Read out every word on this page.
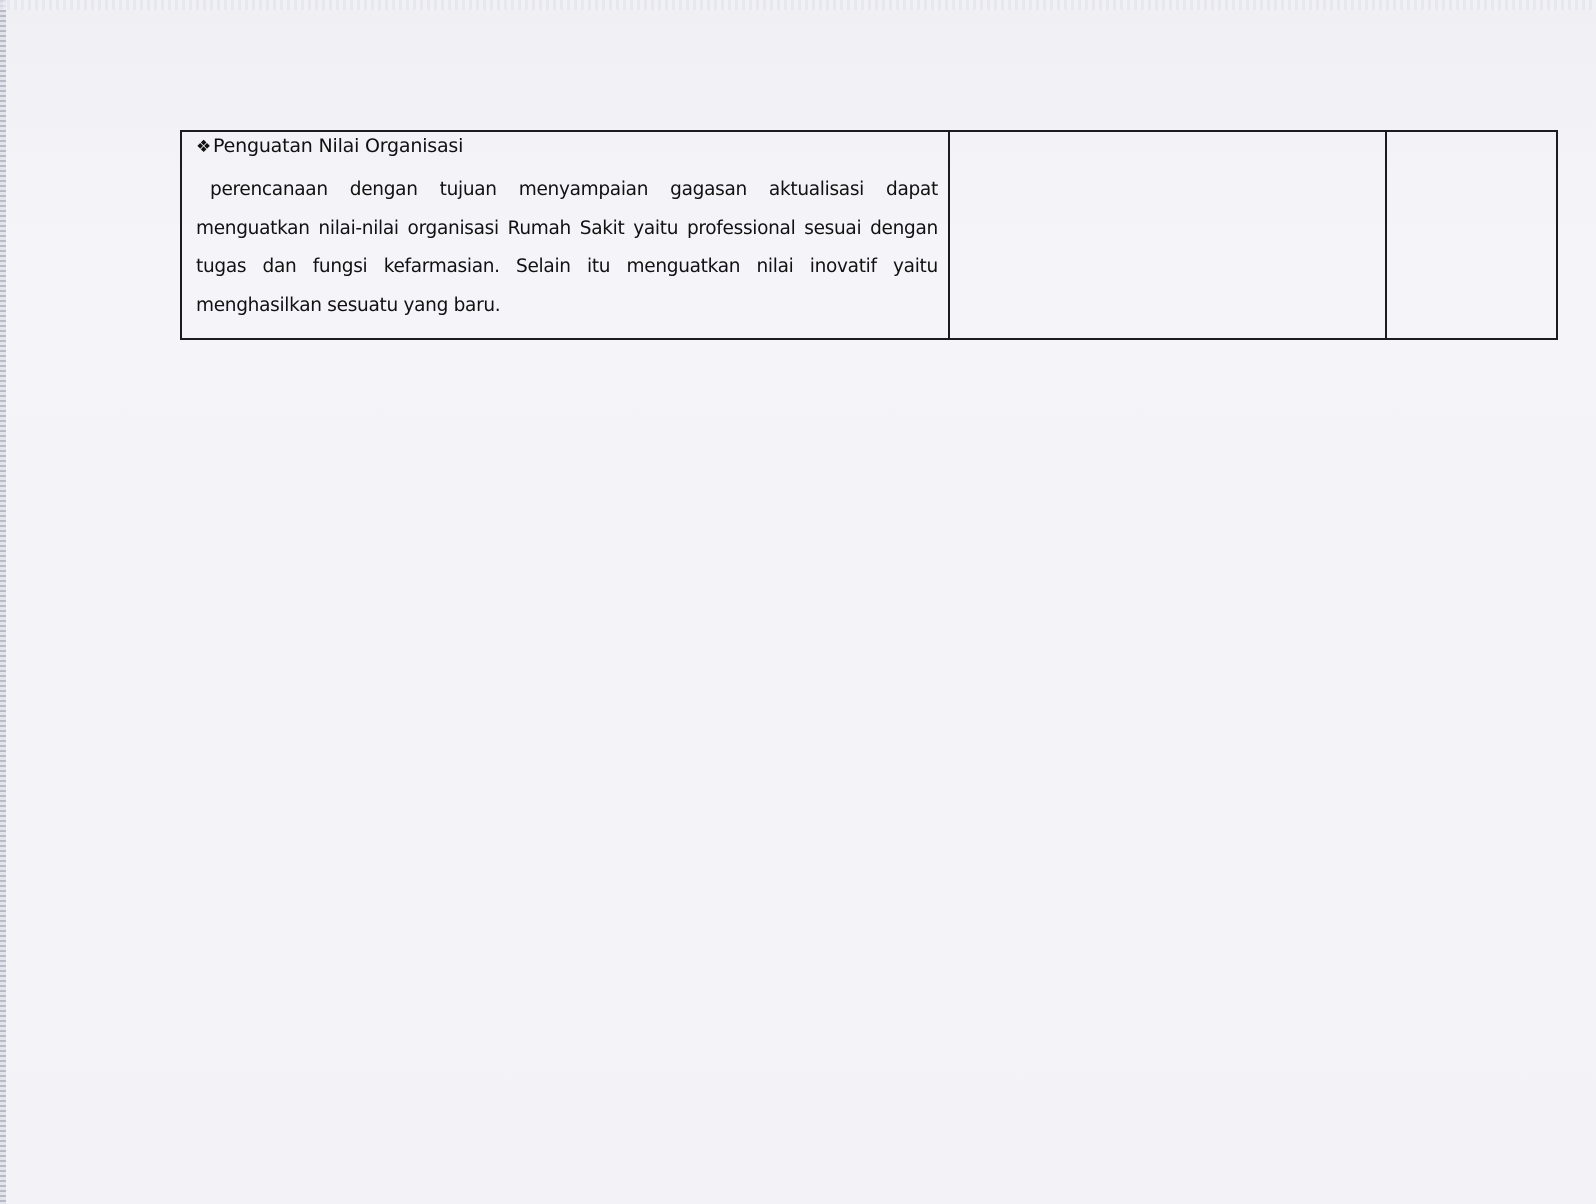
❖ Penguatan Nilai Organisasi
perencanaan dengan tujuan menyampaian gagasan aktualisasi dapat menguatkan nilai-nilai organisasi Rumah Sakit yaitu professional sesuai dengan tugas dan fungsi kefarmasian. Selain itu menguatkan nilai inovatif yaitu menghasilkan sesuatu yang baru.
